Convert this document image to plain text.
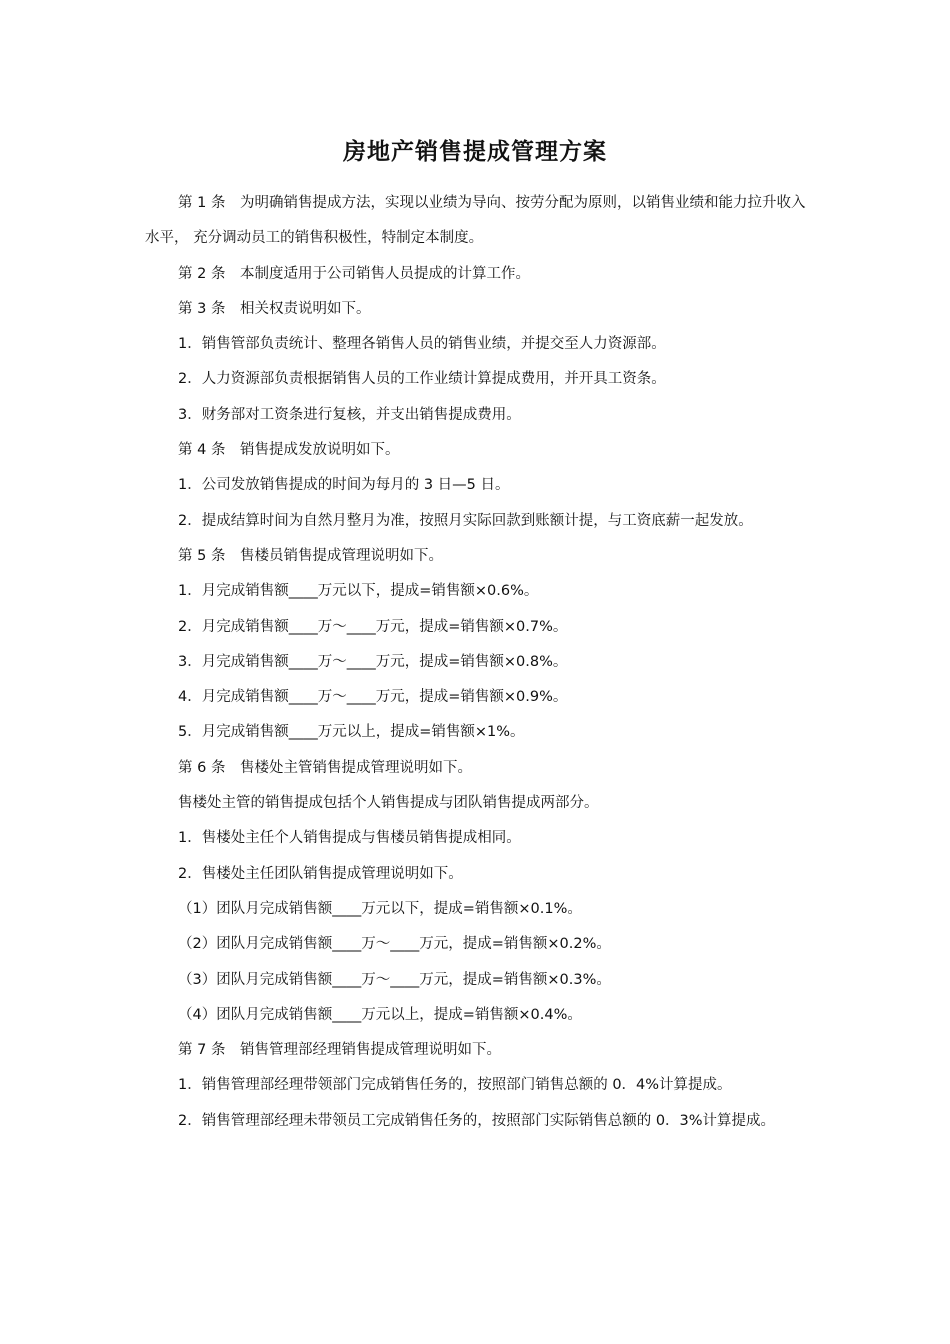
房地产销售提成管理方案

第 1 条　为明确销售提成方法，实现以业绩为导向、按劳分配为原则，以销售业绩和能力拉升收入水平， 充分调动员工的销售积极性，特制定本制度。

第 2 条　本制度适用于公司销售人员提成的计算工作。

第 3 条　相关权责说明如下。

1．销售管部负责统计、整理各销售人员的销售业绩，并提交至人力资源部。

2．人力资源部负责根据销售人员的工作业绩计算提成费用，并开具工资条。

3．财务部对工资条进行复核，并支出销售提成费用。

第 4 条　销售提成发放说明如下。

1．公司发放销售提成的时间为每月的 3 日—5 日。

2．提成结算时间为自然月整月为准，按照月实际回款到账额计提，与工资底薪一起发放。

第 5 条　售楼员销售提成管理说明如下。

1．月完成销售额____万元以下，提成=销售额×0.6%。

2．月完成销售额____万～____万元，提成=销售额×0.7%。

3．月完成销售额____万～____万元，提成=销售额×0.8%。

4．月完成销售额____万～____万元，提成=销售额×0.9%。

5．月完成销售额____万元以上，提成=销售额×1%。

第 6 条　售楼处主管销售提成管理说明如下。

售楼处主管的销售提成包括个人销售提成与团队销售提成两部分。

1．售楼处主任个人销售提成与售楼员销售提成相同。

2．售楼处主任团队销售提成管理说明如下。

（1）团队月完成销售额____万元以下，提成=销售额×0.1%。

（2）团队月完成销售额____万～____万元，提成=销售额×0.2%。

（3）团队月完成销售额____万～____万元，提成=销售额×0.3%。

（4）团队月完成销售额____万元以上，提成=销售额×0.4%。

第 7 条　销售管理部经理销售提成管理说明如下。

1．销售管理部经理带领部门完成销售任务的，按照部门销售总额的 0．4%计算提成。

2．销售管理部经理未带领员工完成销售任务的，按照部门实际销售总额的 0．3%计算提成。
